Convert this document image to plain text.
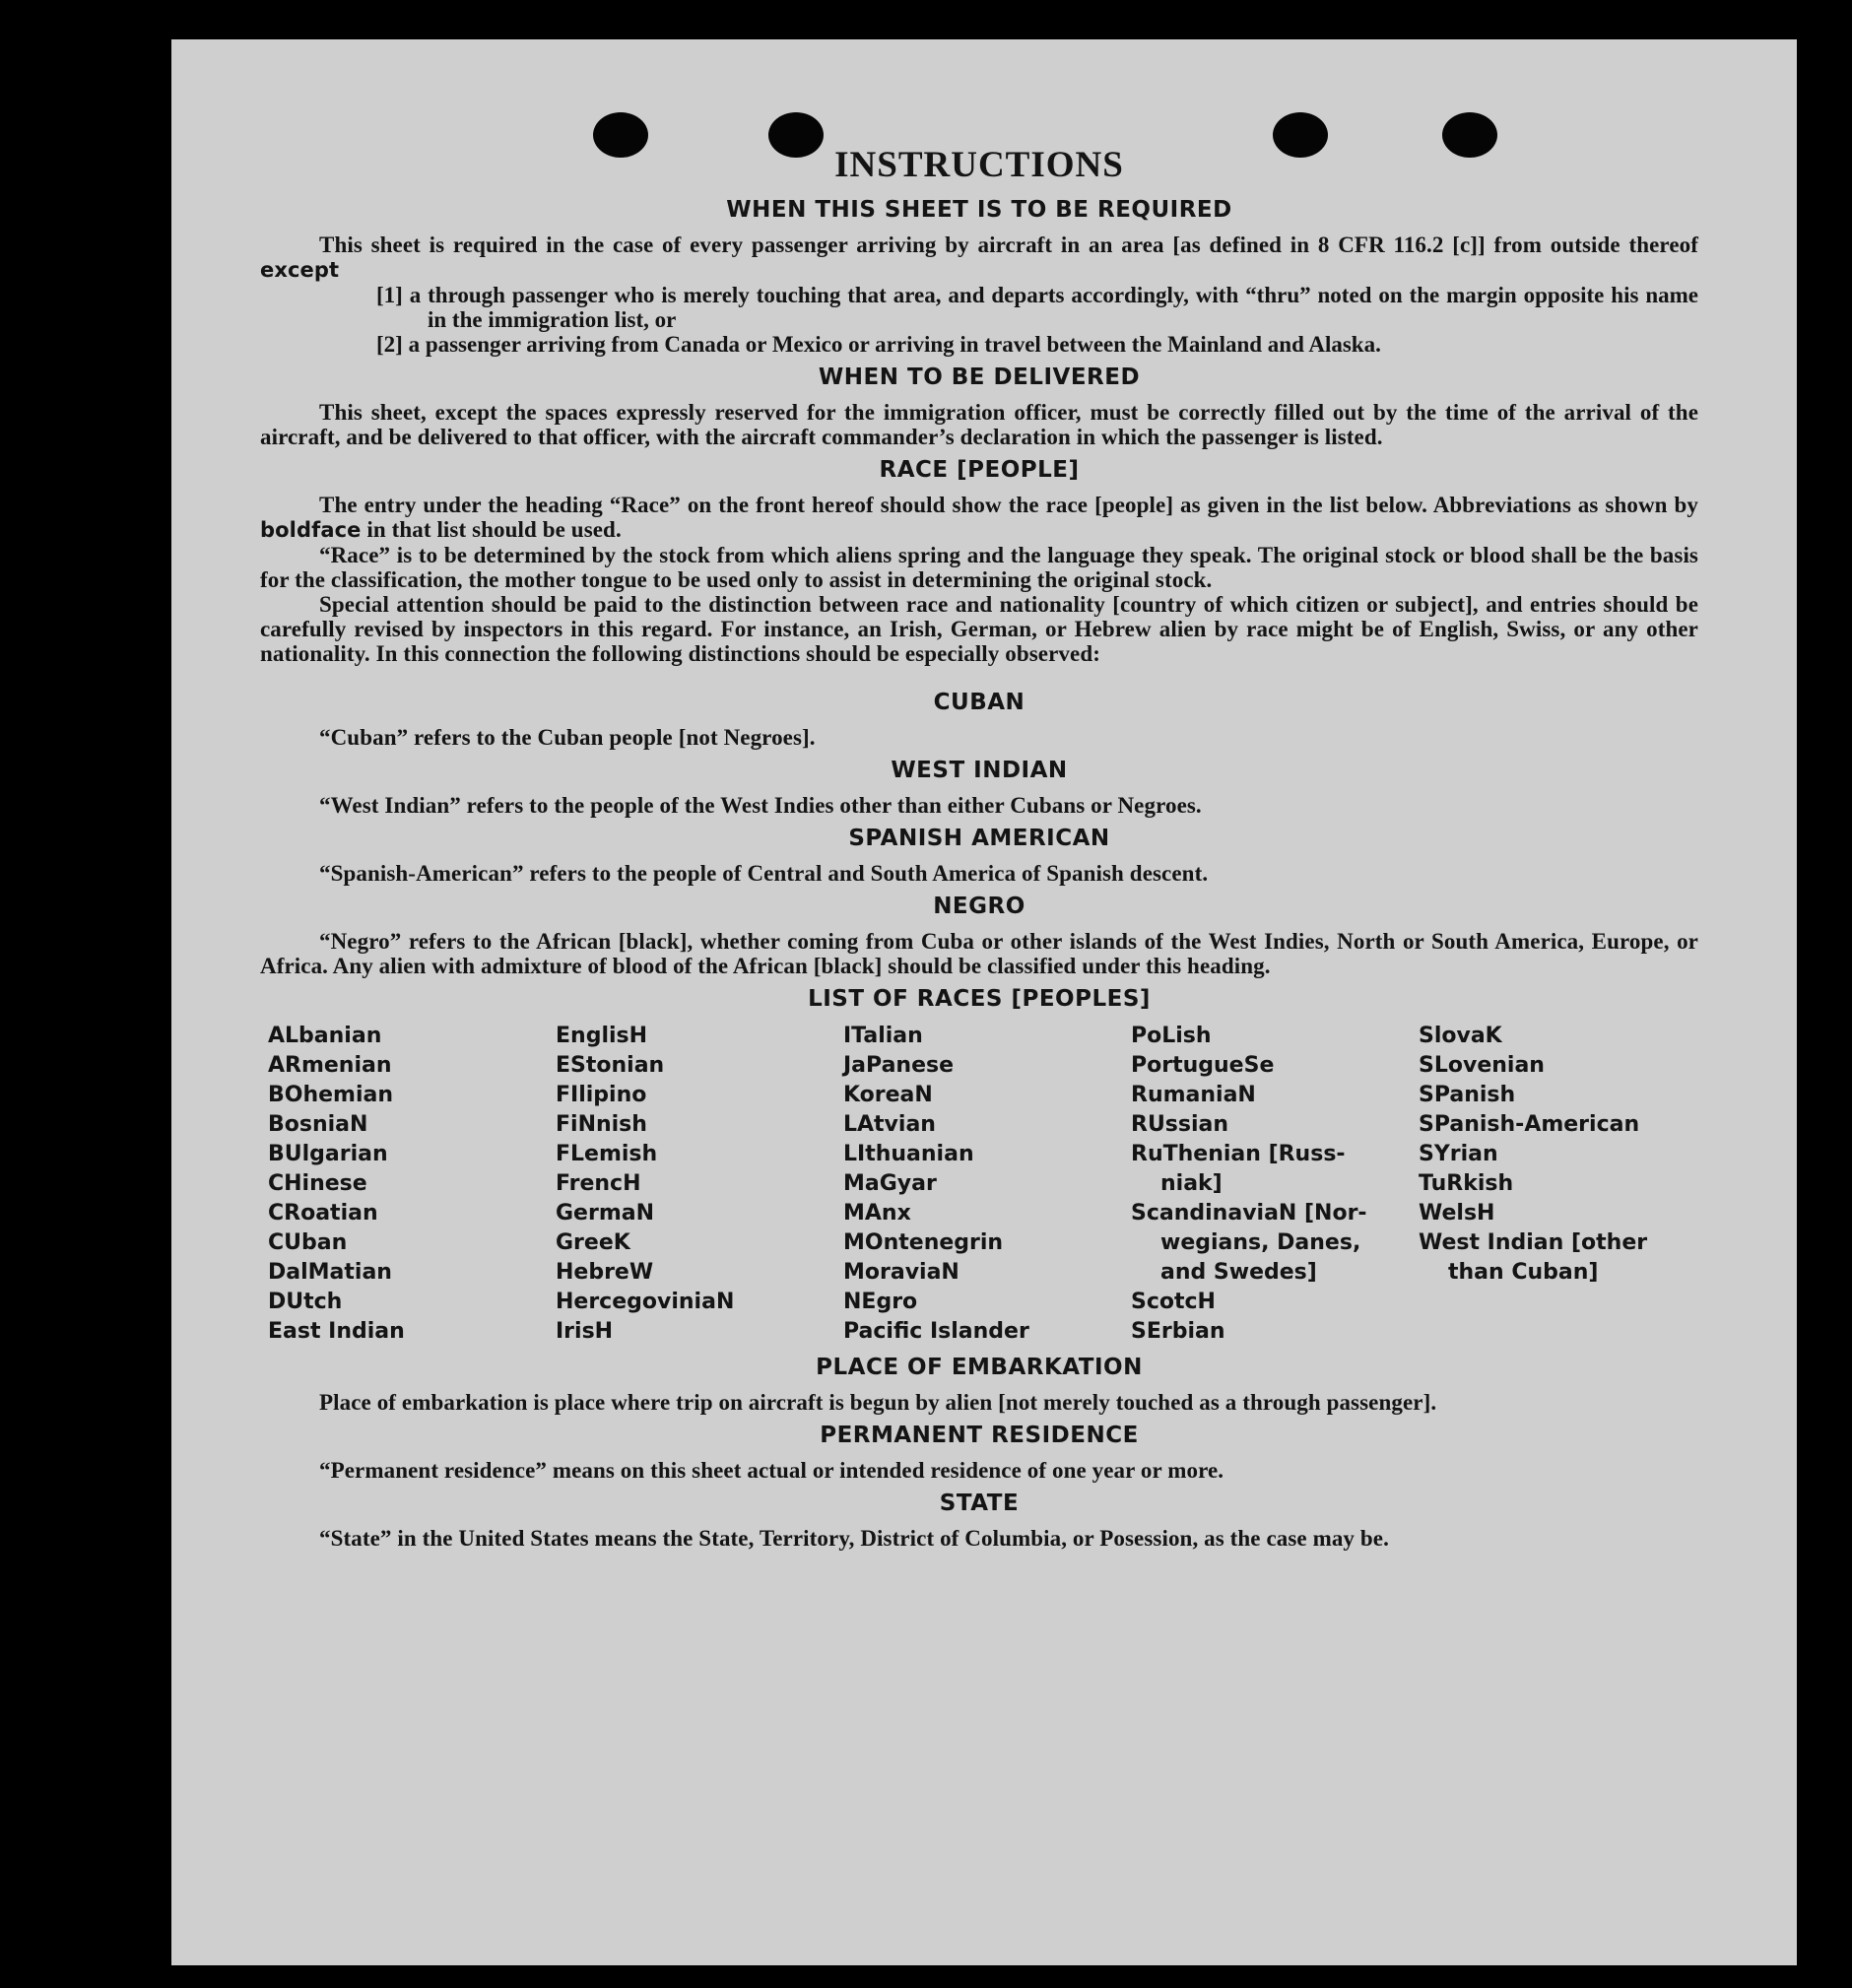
INSTRUCTIONS
WHEN THIS SHEET IS TO BE REQUIRED

This sheet is required in the case of every passenger arriving by aircraft in an area [as defined in 8 CFR 116.2 [c]] from outside thereof except

[1] a through passenger who is merely touching that area, and departs accordingly, with “thru” noted on the margin opposite his name in the immigration list, or

[2] a passenger arriving from Canada or Mexico or arriving in travel between the Mainland and Alaska.

WHEN TO BE DELIVERED

This sheet, except the spaces expressly reserved for the immigration officer, must be correctly filled out by the time of the arrival of the aircraft, and be delivered to that officer, with the aircraft commander’s declaration in which the passenger is listed.

RACE [PEOPLE]

The entry under the heading “Race” on the front hereof should show the race [people] as given in the list below. Abbreviations as shown by boldface in that list should be used.

“Race” is to be determined by the stock from which aliens spring and the language they speak. The original stock or blood shall be the basis for the classification, the mother tongue to be used only to assist in determining the original stock.

Special attention should be paid to the distinction between race and nationality [country of which citizen or subject], and entries should be carefully revised by inspectors in this regard. For instance, an Irish, German, or Hebrew alien by race might be of English, Swiss, or any other nationality. In this connection the following distinctions should be especially observed:

CUBAN

“Cuban” refers to the Cuban people [not Negroes].

WEST INDIAN

“West Indian” refers to the people of the West Indies other than either Cubans or Negroes.

SPANISH AMERICAN

“Spanish-American” refers to the people of Central and South America of Spanish descent.

NEGRO

“Negro” refers to the African [black], whether coming from Cuba or other islands of the West Indies, North or South America, Europe, or Africa. Any alien with admixture of blood of the African [black] should be classified under this heading.

LIST OF RACES [PEOPLES]
ALbanian
ARmenian
BOhemian
BosniaN
BUlgarian
CHinese
CRoatian
CUban
DalMatian
DUtch
East Indian
EnglisH
EStonian
FIlipino
FiNnish
FLemish
FrencH
GermaN
GreeK
HebreW
HercegoviniaN
IrisH
ITalian
JaPanese
KoreaN
LAtvian
LIthuanian
MaGyar
MAnx
MOntenegrin
MoraviaN
NEgro
Pacific Islander
PoLish
PortugueSe
RumaniaN
RUssian
RuThenian [Russ-
niak]
ScandinaviaN [Nor-
wegians, Danes,
and Swedes]
ScotcH
SErbian
SlovaK
SLovenian
SPanish
SPanish-American
SYrian
TuRkish
WelsH
West Indian [other
than Cuban]
PLACE OF EMBARKATION

Place of embarkation is place where trip on aircraft is begun by alien [not merely touched as a through passenger].

PERMANENT RESIDENCE

“Permanent residence” means on this sheet actual or intended residence of one year or more.

STATE

“State” in the United States means the State, Territory, District of Columbia, or Posession, as the case may be.
